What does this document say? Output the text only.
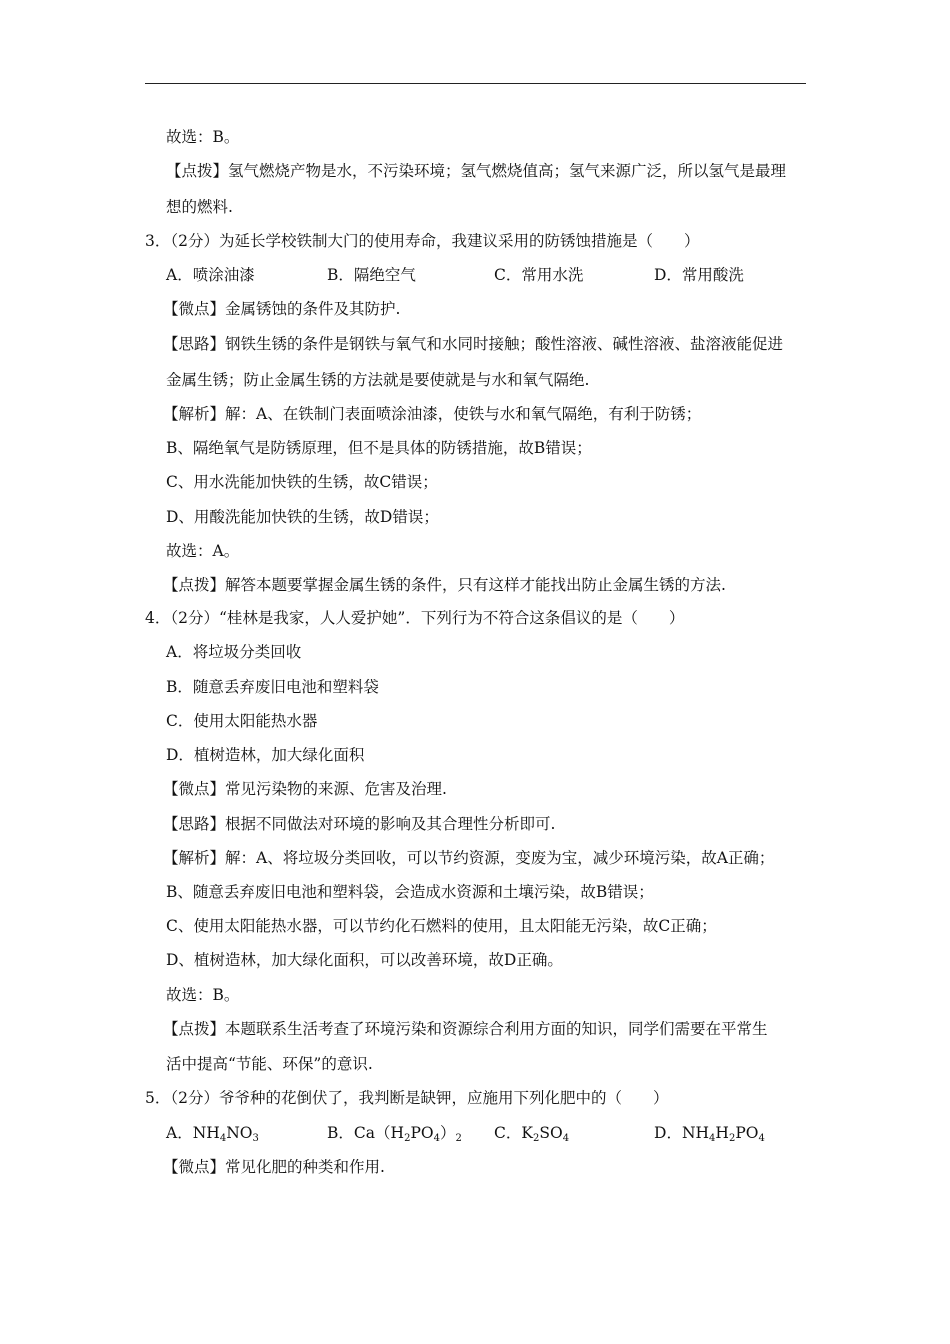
故选：B。
【点拨】氢气燃烧产物是水，不污染环境；氢气燃烧值高；氢气来源广泛，所以氢气是最理
想的燃料.
3．（2分）为延长学校铁制大门的使用寿命，我建议采用的防锈蚀措施是（　　）
A．喷涂油漆	B．隔绝空气	C．常用水洗	D．常用酸洗
【微点】金属锈蚀的条件及其防护.
【思路】钢铁生锈的条件是钢铁与氧气和水同时接触；酸性溶液、碱性溶液、盐溶液能促进
金属生锈；防止金属生锈的方法就是要使就是与水和氧气隔绝.
【解析】解：A、在铁制门表面喷涂油漆，使铁与水和氧气隔绝，有利于防锈；
B、隔绝氧气是防锈原理，但不是具体的防锈措施，故B错误；
C、用水洗能加快铁的生锈，故C错误；
D、用酸洗能加快铁的生锈，故D错误；
故选：A。
【点拨】解答本题要掌握金属生锈的条件，只有这样才能找出防止金属生锈的方法.
4．（2分）“桂林是我家，人人爱护她”．下列行为不符合这条倡议的是（　　）
A．将垃圾分类回收
B．随意丢弃废旧电池和塑料袋
C．使用太阳能热水器
D．植树造林，加大绿化面积
【微点】常见污染物的来源、危害及治理.
【思路】根据不同做法对环境的影响及其合理性分析即可.
【解析】解：A、将垃圾分类回收，可以节约资源，变废为宝，减少环境污染，故A正确；
B、随意丢弃废旧电池和塑料袋，会造成水资源和土壤污染，故B错误；
C、使用太阳能热水器，可以节约化石燃料的使用，且太阳能无污染，故C正确；
D、植树造林，加大绿化面积，可以改善环境，故D正确。
故选：B。
【点拨】本题联系生活考查了环境污染和资源综合利用方面的知识，同学们需要在平常生
活中提高“节能、环保”的意识.
5．（2分）爷爷种的花倒伏了，我判断是缺钾，应施用下列化肥中的（　　）
A．$NH_4NO_3$	B．$Ca(H_2PO_4)_2$ C．$K_2SO_4$	D．$NH_4H_2PO_4$
【微点】常见化肥的种类和作用.
